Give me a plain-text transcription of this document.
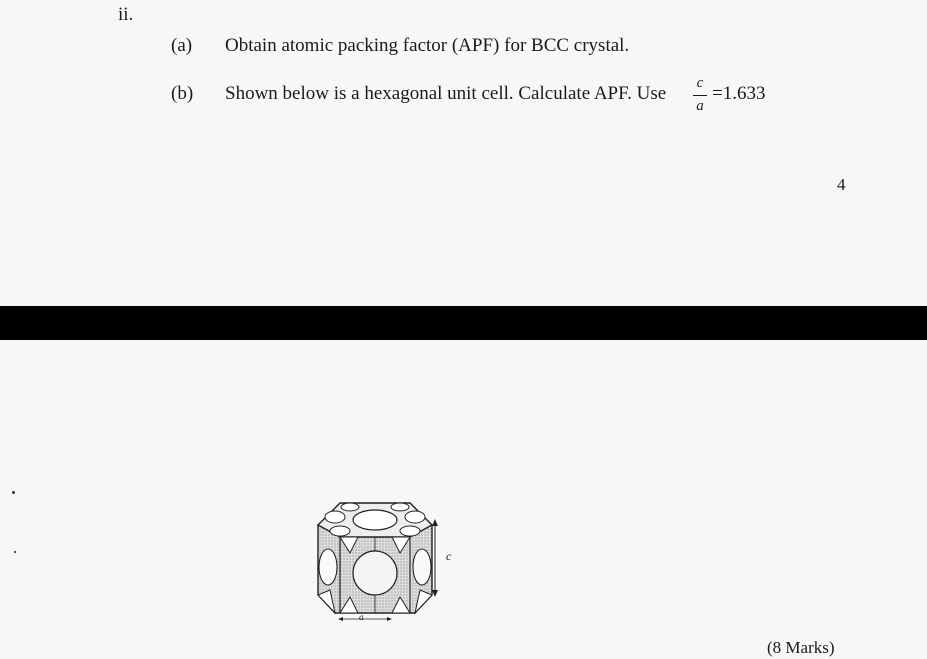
ii.
(a) Obtain atomic packing factor (APF) for BCC crystal.
(b) Shown below is a hexagonal unit cell. Calculate APF. Use	c
a
=1.633
4
c
a
(8 Marks)
